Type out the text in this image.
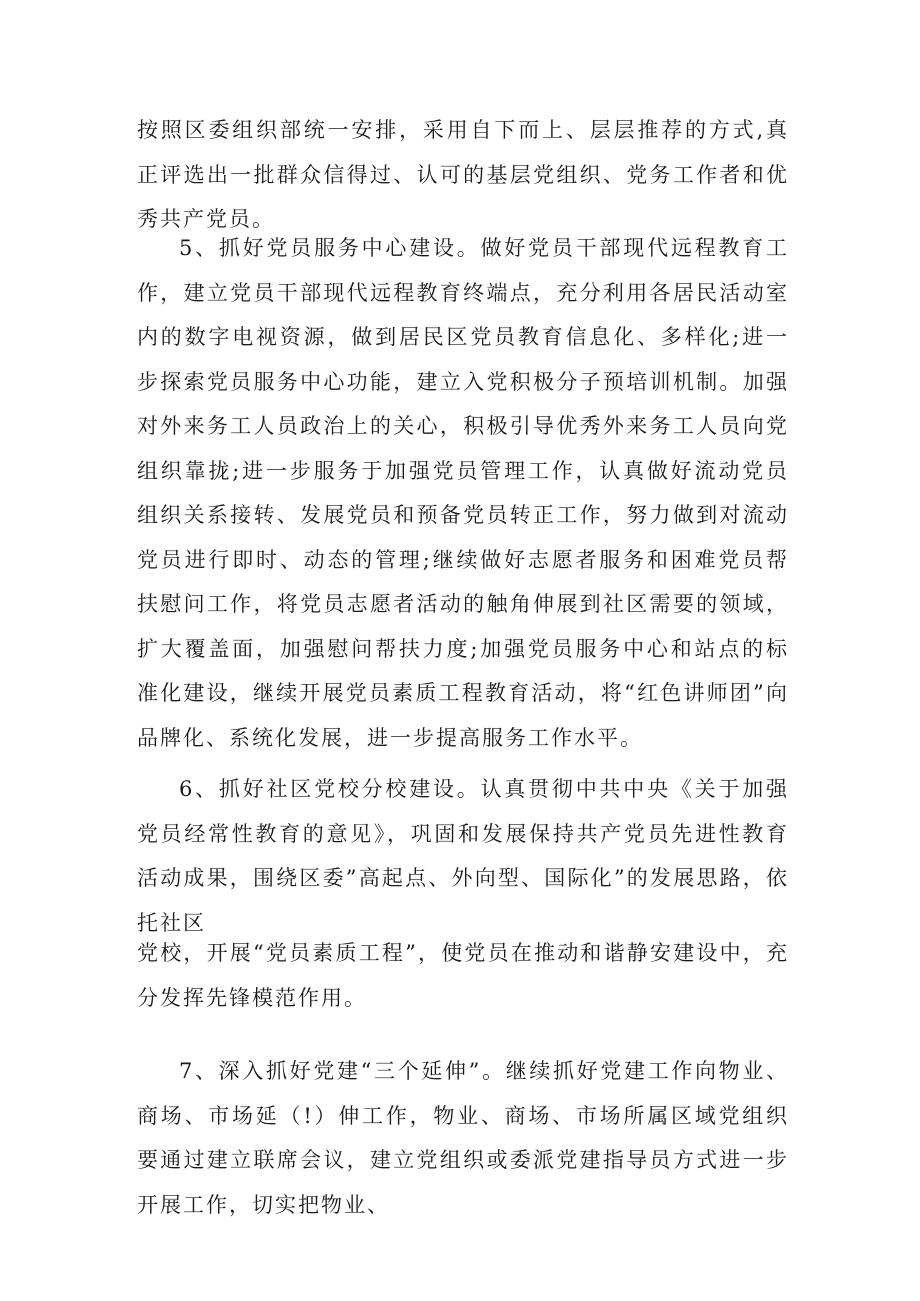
按照区委组织部统一安排，采用自下而上、层层推荐的方式,真正评选出一批群众信得过、认可的基层党组织、党务工作者和优秀共产党员。

5、抓好党员服务中心建设。做好党员干部现代远程教育工作，建立党员干部现代远程教育终端点，充分利用各居民活动室内的数字电视资源，做到居民区党员教育信息化、多样化;进一步探索党员服务中心功能，建立入党积极分子预培训机制。加强对外来务工人员政治上的关心，积极引导优秀外来务工人员向党组织靠拢;进一步服务于加强党员管理工作，认真做好流动党员组织关系接转、发展党员和预备党员转正工作，努力做到对流动党员进行即时、动态的管理;继续做好志愿者服务和困难党员帮扶慰问工作，将党员志愿者活动的触角伸展到社区需要的领域，扩大覆盖面，加强慰问帮扶力度;加强党员服务中心和站点的标准化建设，继续开展党员素质工程教育活动，将“红色讲师团”向品牌化、系统化发展，进一步提高服务工作水平。

6、抓好社区党校分校建设。认真贯彻中共中央《关于加强党员经常性教育的意见》，巩固和发展保持共产党员先进性教育活动成果，围绕区委”高起点、外向型、国际化”的发展思路，依托社区

党校，开展“党员素质工程”，使党员在推动和谐静安建设中，充分发挥先锋模范作用。

7、深入抓好党建“三个延伸”。继续抓好党建工作向物业、商场、市场延（!）伸工作，物业、商场、市场所属区域党组织要通过建立联席会议，建立党组织或委派党建指导员方式进一步开展工作，切实把物业、
